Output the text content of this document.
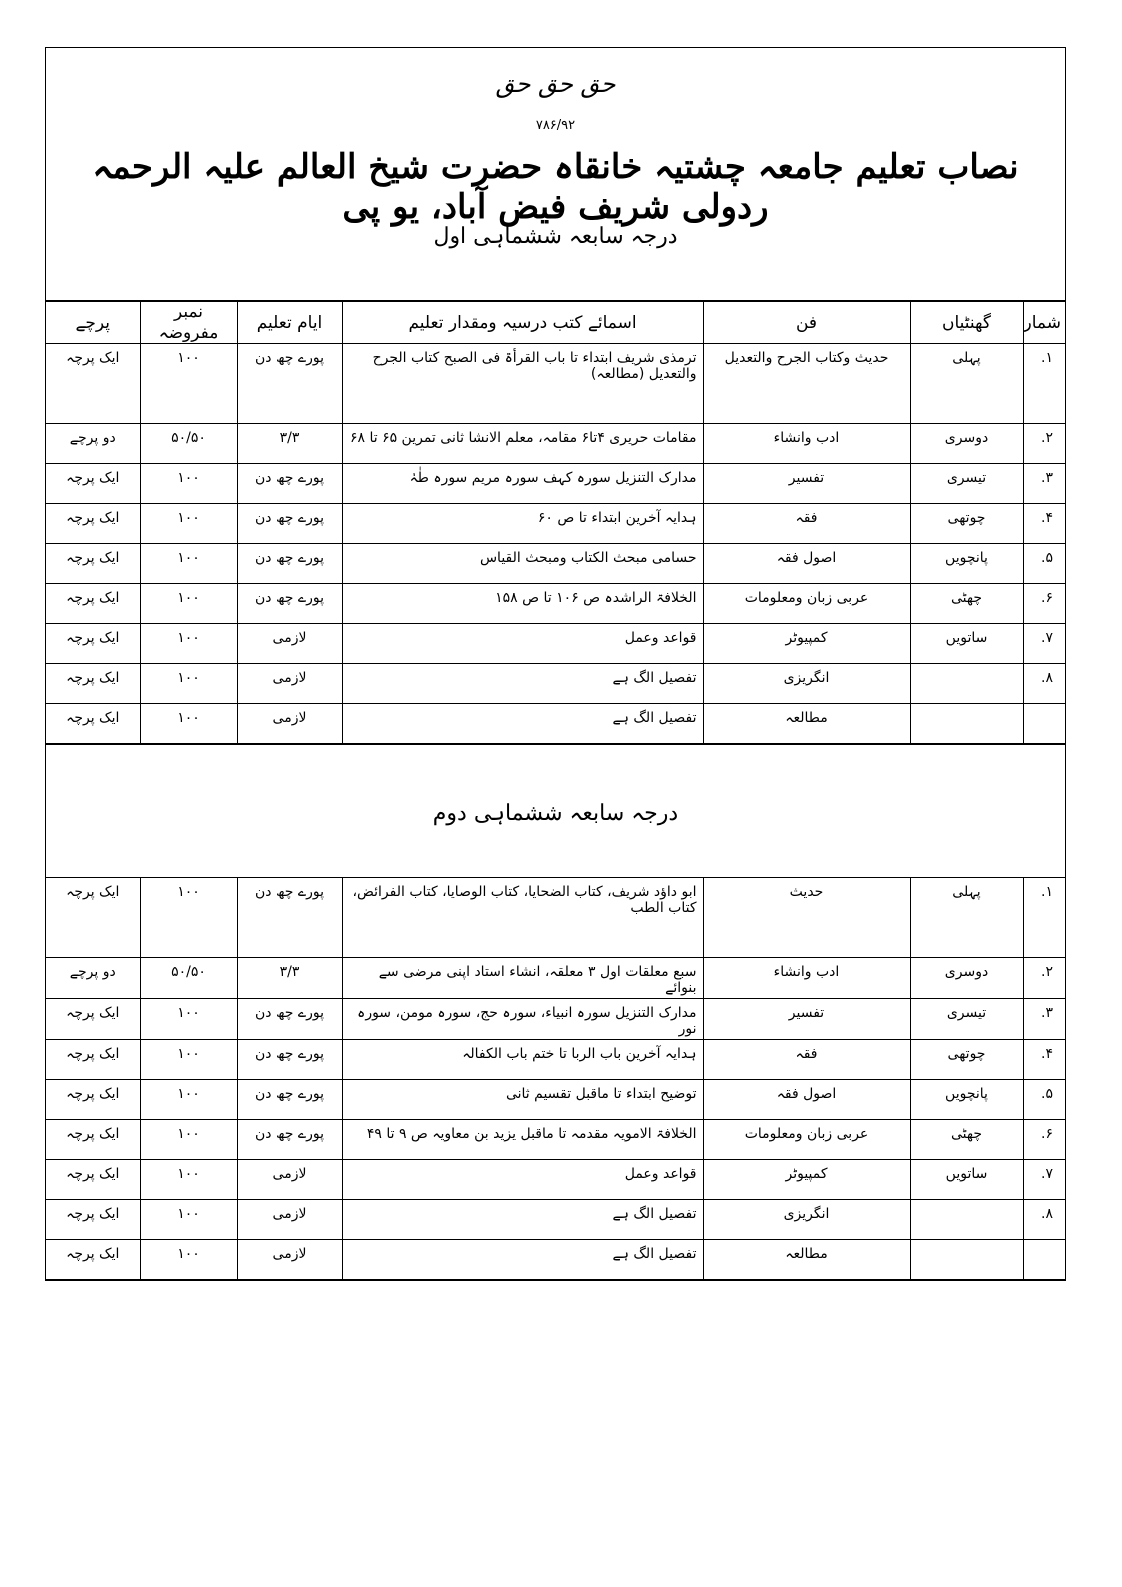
حق حق حق
۷۸۶/۹۲
نصاب تعلیم جامعہ چشتیہ خانقاہ حضرت شیخ العالم علیہ الرحمہ ردولی شریف فیض آباد، یو پی
درجہ سابعہ ششماہی اول
شمار	گھنٹیاں	فن	اسمائے کتب درسیہ ومقدار تعلیم	ایام تعلیم	نمبر مفروضہ	پرچے
۱.	پہلی	حدیث وکتاب الجرح والتعدیل	ترمذی شریف ابتداء تا باب القرأۃ فی الصبح کتاب الجرح والتعدیل (مطالعہ)	پورے چھ دن	۱۰۰	ایک پرچہ
۲.	دوسری	ادب وانشاء	مقامات حریری ۴تا۶ مقامہ، معلم الانشا ثانی تمرین ۶۵ تا ۶۸	۳/۳	۵۰/۵۰	دو پرچے
۳.	تیسری	تفسیر	مدارک التنزیل سورہ کہف سورہ مریم سورہ طٰہٰ	پورے چھ دن	۱۰۰	ایک پرچہ
۴.	چوتھی	فقہ	ہدایہ آخرین ابتداء تا ص ۶۰	پورے چھ دن	۱۰۰	ایک پرچہ
۵.	پانچویں	اصول فقہ	حسامی مبحث الکتاب ومبحث القیاس	پورے چھ دن	۱۰۰	ایک پرچہ
۶.	چھٹی	عربی زبان ومعلومات	الخلافۃ الراشدہ ص ۱۰۶ تا ص ۱۵۸	پورے چھ دن	۱۰۰	ایک پرچہ
۷.	ساتویں	کمپیوٹر	قواعد وعمل	لازمی	۱۰۰	ایک پرچہ
۸.		انگریزی	تفصیل الگ ہے	لازمی	۱۰۰	ایک پرچہ
		مطالعہ	تفصیل الگ ہے	لازمی	۱۰۰	ایک پرچہ
درجہ سابعہ ششماہی دوم
۱.	پہلی	حدیث	ابو داؤد شریف، کتاب الضحایا، کتاب الوصایا، کتاب الفرائض، کتاب الطب	پورے چھ دن	۱۰۰	ایک پرچہ
۲.	دوسری	ادب وانشاء	سبع معلقات اول ۳ معلقہ، انشاء استاد اپنی مرضی سے بنوائے	۳/۳	۵۰/۵۰	دو پرچے
۳.	تیسری	تفسیر	مدارک التنزیل سورہ انبیاء، سورہ حج، سورہ مومن، سورہ نور	پورے چھ دن	۱۰۰	ایک پرچہ
۴.	چوتھی	فقہ	ہدایہ آخرین باب الربا تا ختم باب الکفالہ	پورے چھ دن	۱۰۰	ایک پرچہ
۵.	پانچویں	اصول فقہ	توضیح ابتداء تا ماقبل تقسیم ثانی	پورے چھ دن	۱۰۰	ایک پرچہ
۶.	چھٹی	عربی زبان ومعلومات	الخلافۃ الامویہ مقدمہ تا ماقبل یزید بن معاویہ ص ۹ تا ۴۹	پورے چھ دن	۱۰۰	ایک پرچہ
۷.	ساتویں	کمپیوٹر	قواعد وعمل	لازمی	۱۰۰	ایک پرچہ
۸.		انگریزی	تفصیل الگ ہے	لازمی	۱۰۰	ایک پرچہ
		مطالعہ	تفصیل الگ ہے	لازمی	۱۰۰	ایک پرچہ
